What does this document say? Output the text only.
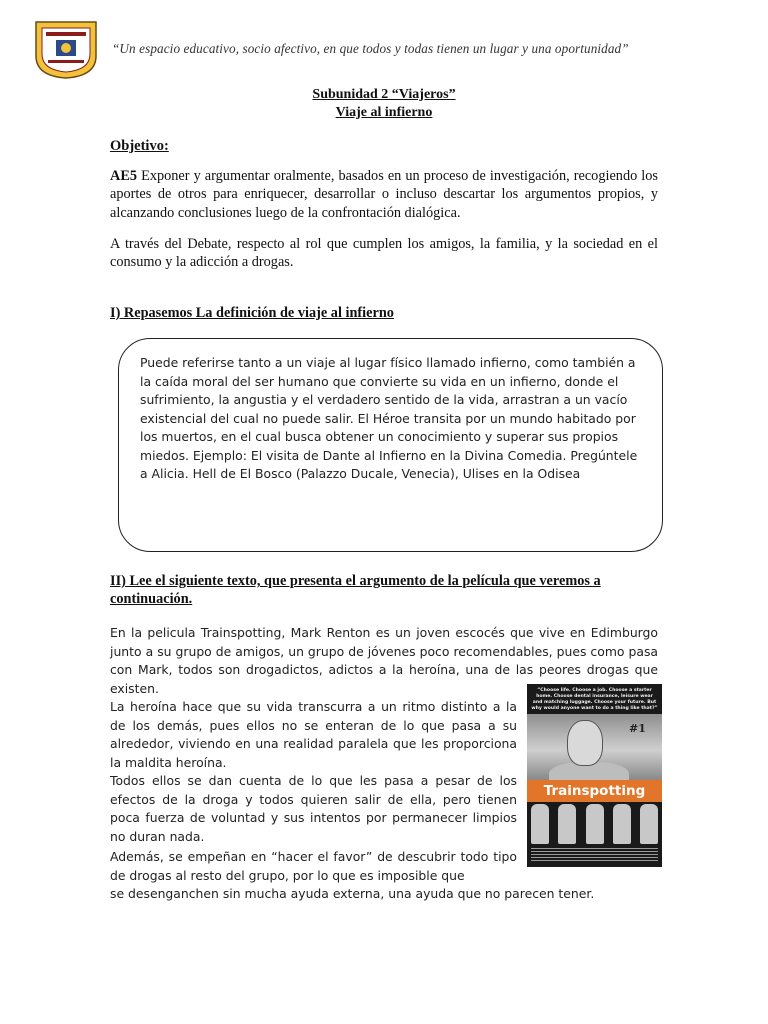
“Un espacio educativo, socio afectivo, en que todos y todas tienen un lugar y una oportunidad”
Subunidad 2 “Viajeros”
Viaje al infierno
Objetivo:
AE5 Exponer y argumentar oralmente, basados en un proceso de investigación, recogiendo los aportes de otros para enriquecer, desarrollar o incluso descartar los argumentos propios, y alcanzando conclusiones luego de la confrontación dialógica.
A través del Debate, respecto al rol que cumplen los amigos, la familia, y la sociedad en el consumo y la adicción a drogas.
I) Repasemos La definición de viaje al infierno
Puede referirse tanto a un viaje al lugar físico llamado infierno, como también a la caída moral del ser humano que convierte su vida en un infierno, donde el sufrimiento, la angustia y el verdadero sentido de la vida, arrastran a un vacío existencial del cual no puede salir. El Héroe transita por un mundo habitado por los muertos, en el cual busca obtener un conocimiento y superar sus propios miedos. Ejemplo: El visita de Dante al Infierno en la Divina Comedia. Pregúntele a Alicia. Hell de El Bosco (Palazzo Ducale, Venecia), Ulises en la Odisea
II) Lee el siguiente texto, que presenta el argumento de la película que veremos a continuación.
En la pelicula Trainspotting, Mark Renton es un joven escocés que vive en Edimburgo junto a su grupo de amigos, un grupo de jóvenes poco recomendables, pues como pasa con Mark, todos son drogadictos, adictos a la heroína, una de las peores drogas que existen.
La heroína hace que su vida transcurra a un ritmo distinto a la de los demás, pues ellos no se enteran de lo que pasa a su alrededor, viviendo en una realidad paralela que les proporciona la maldita heroína.
Todos ellos se dan cuenta de lo que les pasa a pesar de los efectos de la droga y todos quieren salir de ella, pero tienen poca fuerza de voluntad y sus intentos por permanecer limpios no duran nada.
Además, se empeñan en “hacer el favor” de descubrir todo tipo de drogas al resto del grupo, por lo que es imposible que
se desenganchen sin mucha ayuda externa, una ayuda que no parecen tener.
“Choose life. Choose a job. Choose a starter home. Choose dental insurance, leisure wear and matching luggage. Choose your future. But why would anyone want to do a thing like that?”
#1
Trainspotting
